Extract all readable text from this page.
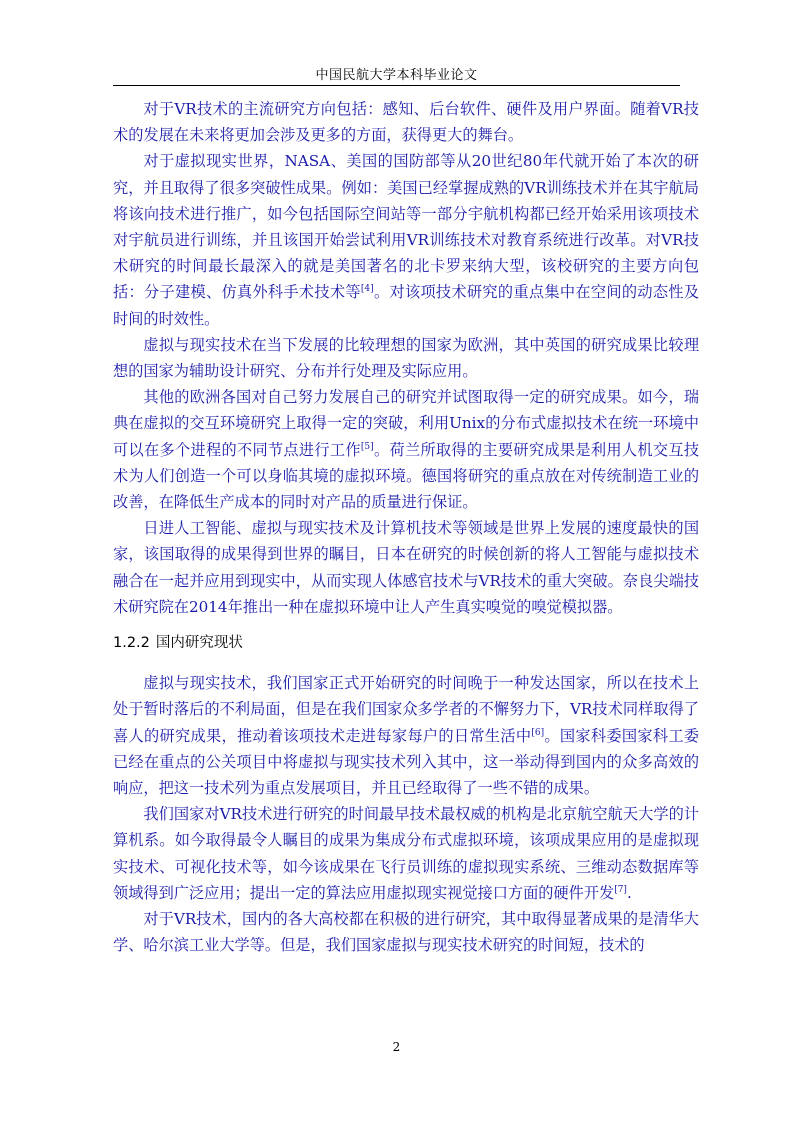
中国民航大学本科毕业论文

对于VR技术的主流研究方向包括：感知、后台软件、硬件及用户界面。随着VR技术的发展在未来将更加会涉及更多的方面，获得更大的舞台。

对于虚拟现实世界，NASA、美国的国防部等从20世纪80年代就开始了本次的研究，并且取得了很多突破性成果。例如：美国已经掌握成熟的VR训练技术并在其宇航局将该向技术进行推广，如今包括国际空间站等一部分宇航机构都已经开始采用该项技术对宇航员进行训练，并且该国开始尝试利用VR训练技术对教育系统进行改革。对VR技术研究的时间最长最深入的就是美国著名的北卡罗来纳大型，该校研究的主要方向包括：分子建模、仿真外科手术技术等[4]。对该项技术研究的重点集中在空间的动态性及时间的时效性。

虚拟与现实技术在当下发展的比较理想的国家为欧洲，其中英国的研究成果比较理想的国家为辅助设计研究、分布并行处理及实际应用。

其他的欧洲各国对自己努力发展自己的研究并试图取得一定的研究成果。如今，瑞典在虚拟的交互环境研究上取得一定的突破，利用Unix的分布式虚拟技术在统一环境中可以在多个进程的不同节点进行工作[5]。荷兰所取得的主要研究成果是利用人机交互技术为人们创造一个可以身临其境的虚拟环境。德国将研究的重点放在对传统制造工业的改善，在降低生产成本的同时对产品的质量进行保证。

日进人工智能、虚拟与现实技术及计算机技术等领域是世界上发展的速度最快的国家，该国取得的成果得到世界的瞩目，日本在研究的时候创新的将人工智能与虚拟技术融合在一起并应用到现实中，从而实现人体感官技术与VR技术的重大突破。奈良尖端技术研究院在2014年推出一种在虚拟环境中让人产生真实嗅觉的嗅觉模拟器。

1.2.2 国内研究现状

虚拟与现实技术，我们国家正式开始研究的时间晚于一种发达国家，所以在技术上处于暂时落后的不利局面，但是在我们国家众多学者的不懈努力下，VR技术同样取得了喜人的研究成果，推动着该项技术走进每家每户的日常生活中[6]。国家科委国家科工委已经在重点的公关项目中将虚拟与现实技术列入其中，这一举动得到国内的众多高效的响应，把这一技术列为重点发展项目，并且已经取得了一些不错的成果。

我们国家对VR技术进行研究的时间最早技术最权威的机构是北京航空航天大学的计算机系。如今取得最令人瞩目的成果为集成分布式虚拟环境，该项成果应用的是虚拟现实技术、可视化技术等，如今该成果在飞行员训练的虚拟现实系统、三维动态数据库等领域得到广泛应用；提出一定的算法应用虚拟现实视觉接口方面的硬件开发[7].

对于VR技术，国内的各大高校都在积极的进行研究，其中取得显著成果的是清华大学、哈尔滨工业大学等。但是，我们国家虚拟与现实技术研究的时间短，技术的

2
